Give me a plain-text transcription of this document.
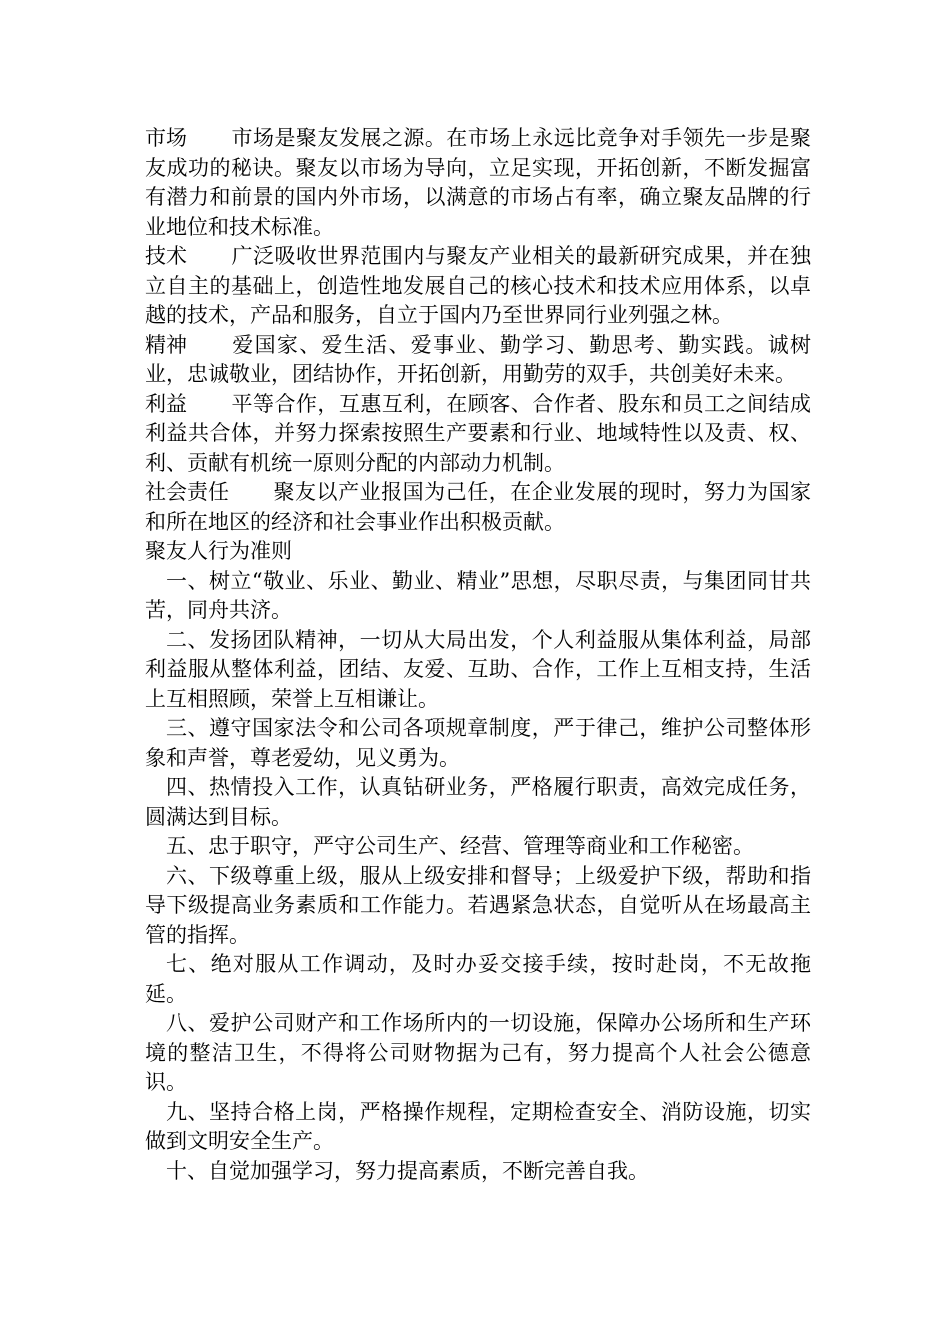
市场 市场是聚友发展之源。在市场上永远比竞争对手领先一步是聚友成功的秘诀。聚友以市场为导向，立足实现，开拓创新，不断发掘富有潜力和前景的国内外市场，以满意的市场占有率，确立聚友品牌的行业地位和技术标准。

技术 广泛吸收世界范围内与聚友产业相关的最新研究成果，并在独立自主的基础上，创造性地发展自己的核心技术和技术应用体系，以卓越的技术，产品和服务，自立于国内乃至世界同行业列强之林。

精神 爱国家、爱生活、爱事业、勤学习、勤思考、勤实践。诚树业，忠诚敬业，团结协作，开拓创新，用勤劳的双手，共创美好未来。

利益 平等合作，互惠互利，在顾客、合作者、股东和员工之间结成利益共合体，并努力探索按照生产要素和行业、地域特性以及责、权、利、贡献有机统一原则分配的内部动力机制。

社会责任 聚友以产业报国为己任，在企业发展的现时，努力为国家和所在地区的经济和社会事业作出积极贡献。

聚友人行为准则

一、树立“敬业、乐业、勤业、精业”思想，尽职尽责，与集团同甘共苦，同舟共济。

二、发扬团队精神，一切从大局出发，个人利益服从集体利益，局部利益服从整体利益，团结、友爱、互助、合作，工作上互相支持，生活上互相照顾，荣誉上互相谦让。

三、遵守国家法令和公司各项规章制度，严于律己，维护公司整体形象和声誉，尊老爱幼，见义勇为。

四、热情投入工作，认真钻研业务，严格履行职责，高效完成任务，圆满达到目标。

五、忠于职守，严守公司生产、经营、管理等商业和工作秘密。

六、下级尊重上级，服从上级安排和督导；上级爱护下级，帮助和指导下级提高业务素质和工作能力。若遇紧急状态，自觉听从在场最高主管的指挥。

七、绝对服从工作调动，及时办妥交接手续，按时赴岗，不无故拖延。

八、爱护公司财产和工作场所内的一切设施，保障办公场所和生产环境的整洁卫生，不得将公司财物据为己有，努力提高个人社会公德意识。

九、坚持合格上岗，严格操作规程，定期检查安全、消防设施，切实做到文明安全生产。

十、自觉加强学习，努力提高素质，不断完善自我。
